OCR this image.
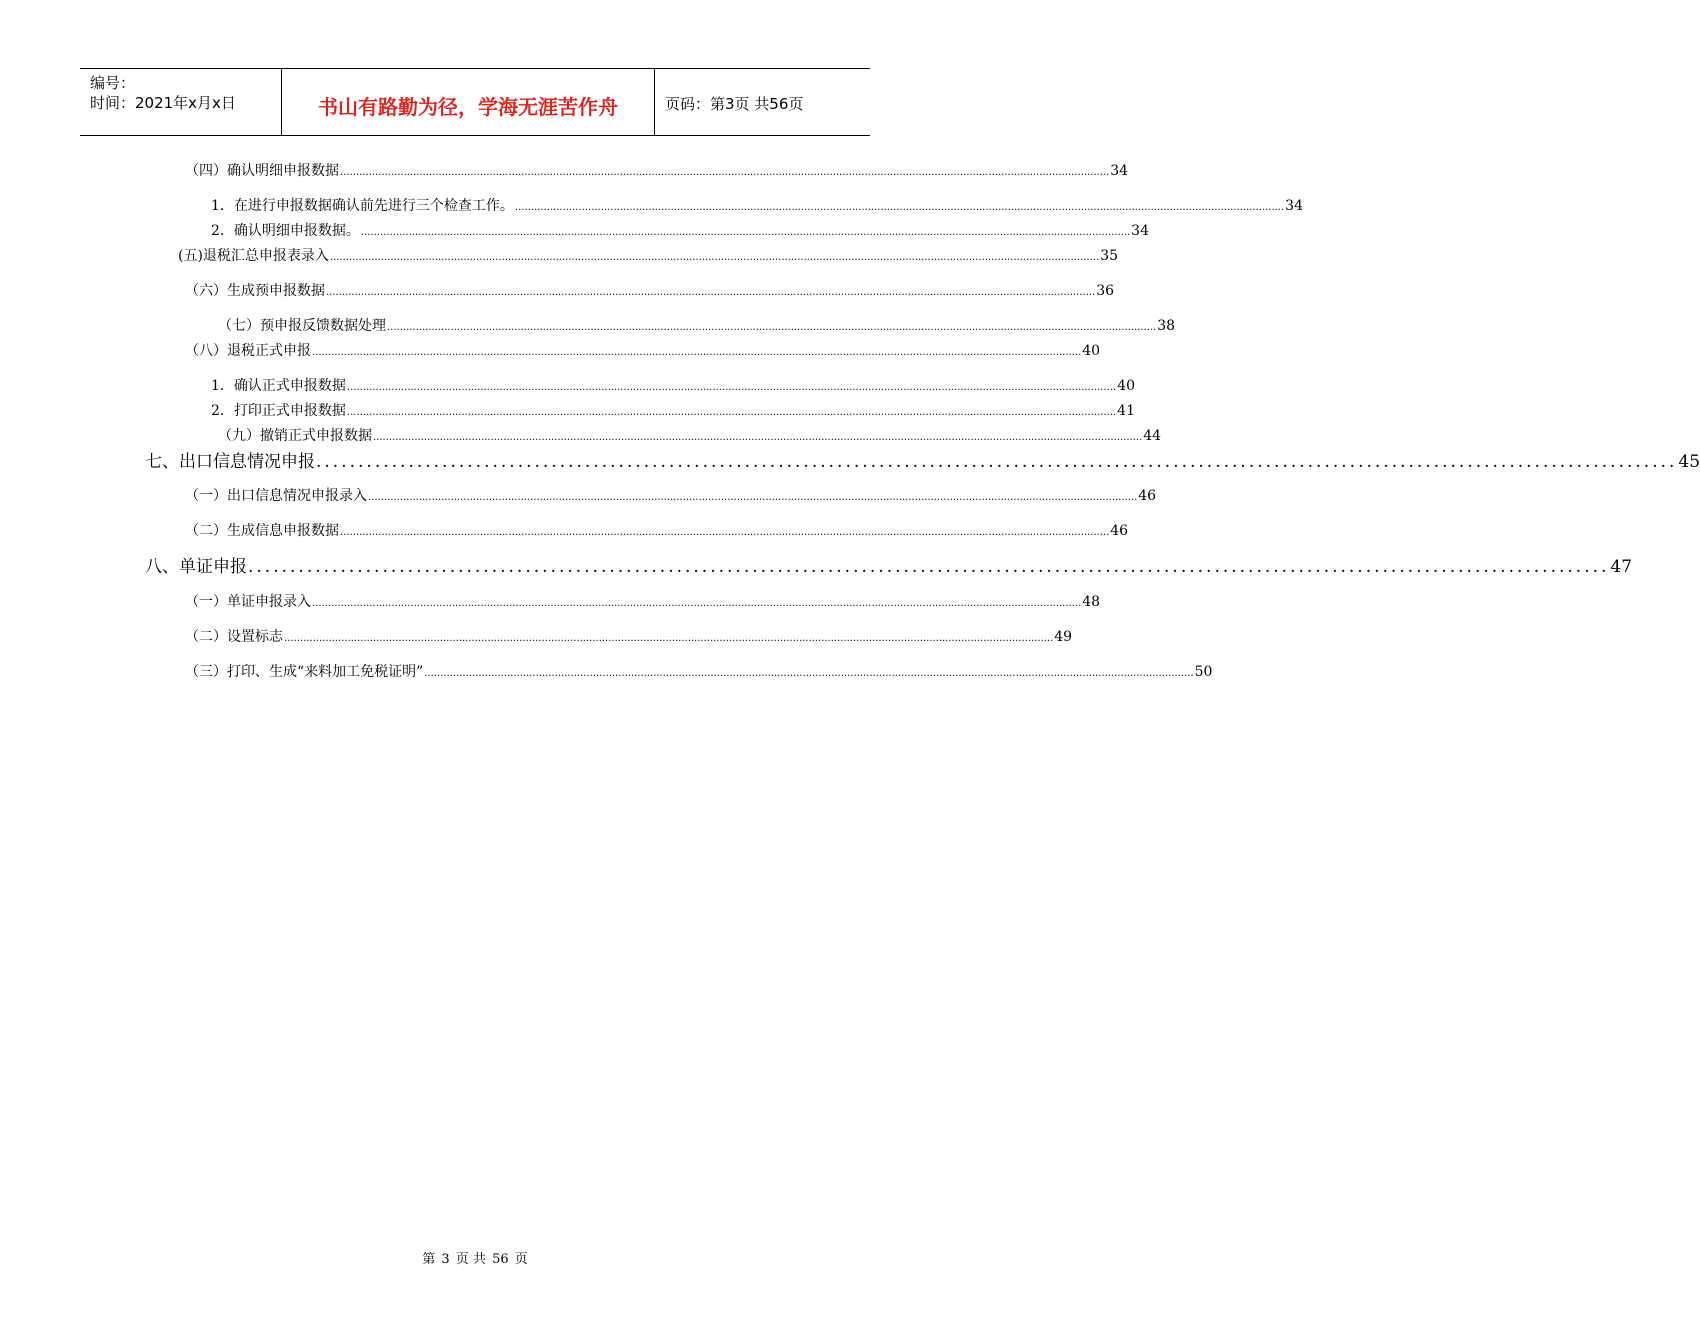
编号：
时间：2021年x月x日	书山有路勤为径，学海无涯苦作舟	页码：第3页 共56页
（四）确认明细申报数据 .................................................................................................................................................................................................................................................. 34
1．在进行申报数据确认前先进行三个检查工作。 .................................................................................................................................................................................................................................................. 34
2．确认明细申报数据。 .................................................................................................................................................................................................................................................. 34
(五)退税汇总申报表录入 .................................................................................................................................................................................................................................................. 35
（六）生成预申报数据 .................................................................................................................................................................................................................................................. 36
（七）预申报反馈数据处理 .................................................................................................................................................................................................................................................. 38
（八）退税正式申报 .................................................................................................................................................................................................................................................. 40
1．确认正式申报数据 .................................................................................................................................................................................................................................................. 40
2．打印正式申报数据 .................................................................................................................................................................................................................................................. 41
（九）撤销正式申报数据 .................................................................................................................................................................................................................................................. 44
七、出口信息情况申报 .................................................................................................................................................................. 45
（一）出口信息情况申报录入 .................................................................................................................................................................................................................................................. 46
（二）生成信息申报数据 .................................................................................................................................................................................................................................................. 46
八、单证申报 .................................................................................................................................................................. 47
（一）单证申报录入 .................................................................................................................................................................................................................................................. 48
（二）设置标志 .................................................................................................................................................................................................................................................. 49
（三）打印、生成“来料加工免税证明” .................................................................................................................................................................................................................................................. 50
第 3 页 共 56 页
